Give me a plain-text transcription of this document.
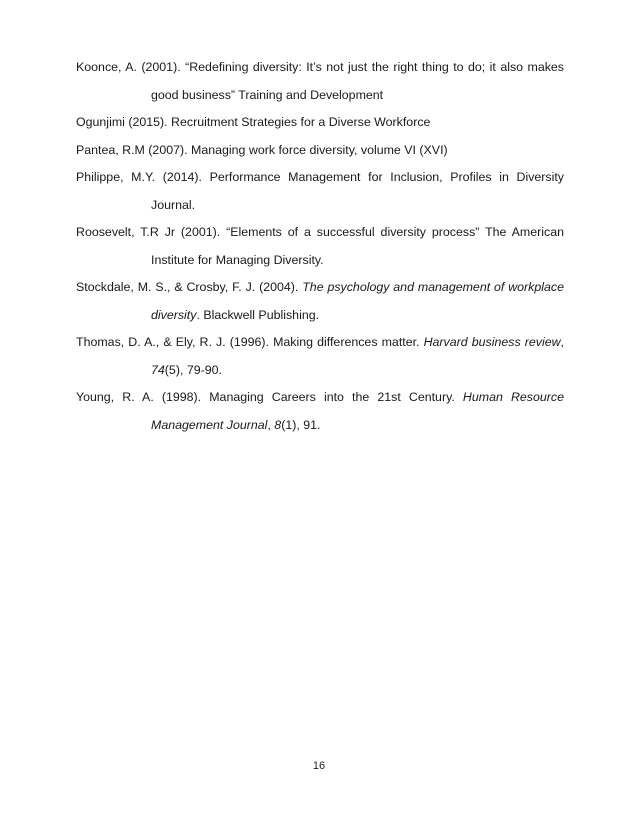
Koonce, A. (2001). “Redefining diversity: It’s not just the right thing to do; it also makes good business” Training and Development

Ogunjimi (2015). Recruitment Strategies for a Diverse Workforce

Pantea, R.M (2007). Managing work force diversity, volume VI (XVI)

Philippe, M.Y. (2014). Performance Management for Inclusion, Profiles in Diversity Journal.

Roosevelt, T.R Jr (2001). “Elements of a successful diversity process” The American Institute for Managing Diversity.

Stockdale, M. S., & Crosby, F. J. (2004). The psychology and management of workplace diversity. Blackwell Publishing.

Thomas, D. A., & Ely, R. J. (1996). Making differences matter. Harvard business review, 74(5), 79-90.

Young, R. A. (1998). Managing Careers into the 21st Century. Human Resource Management Journal, 8(1), 91.

16
